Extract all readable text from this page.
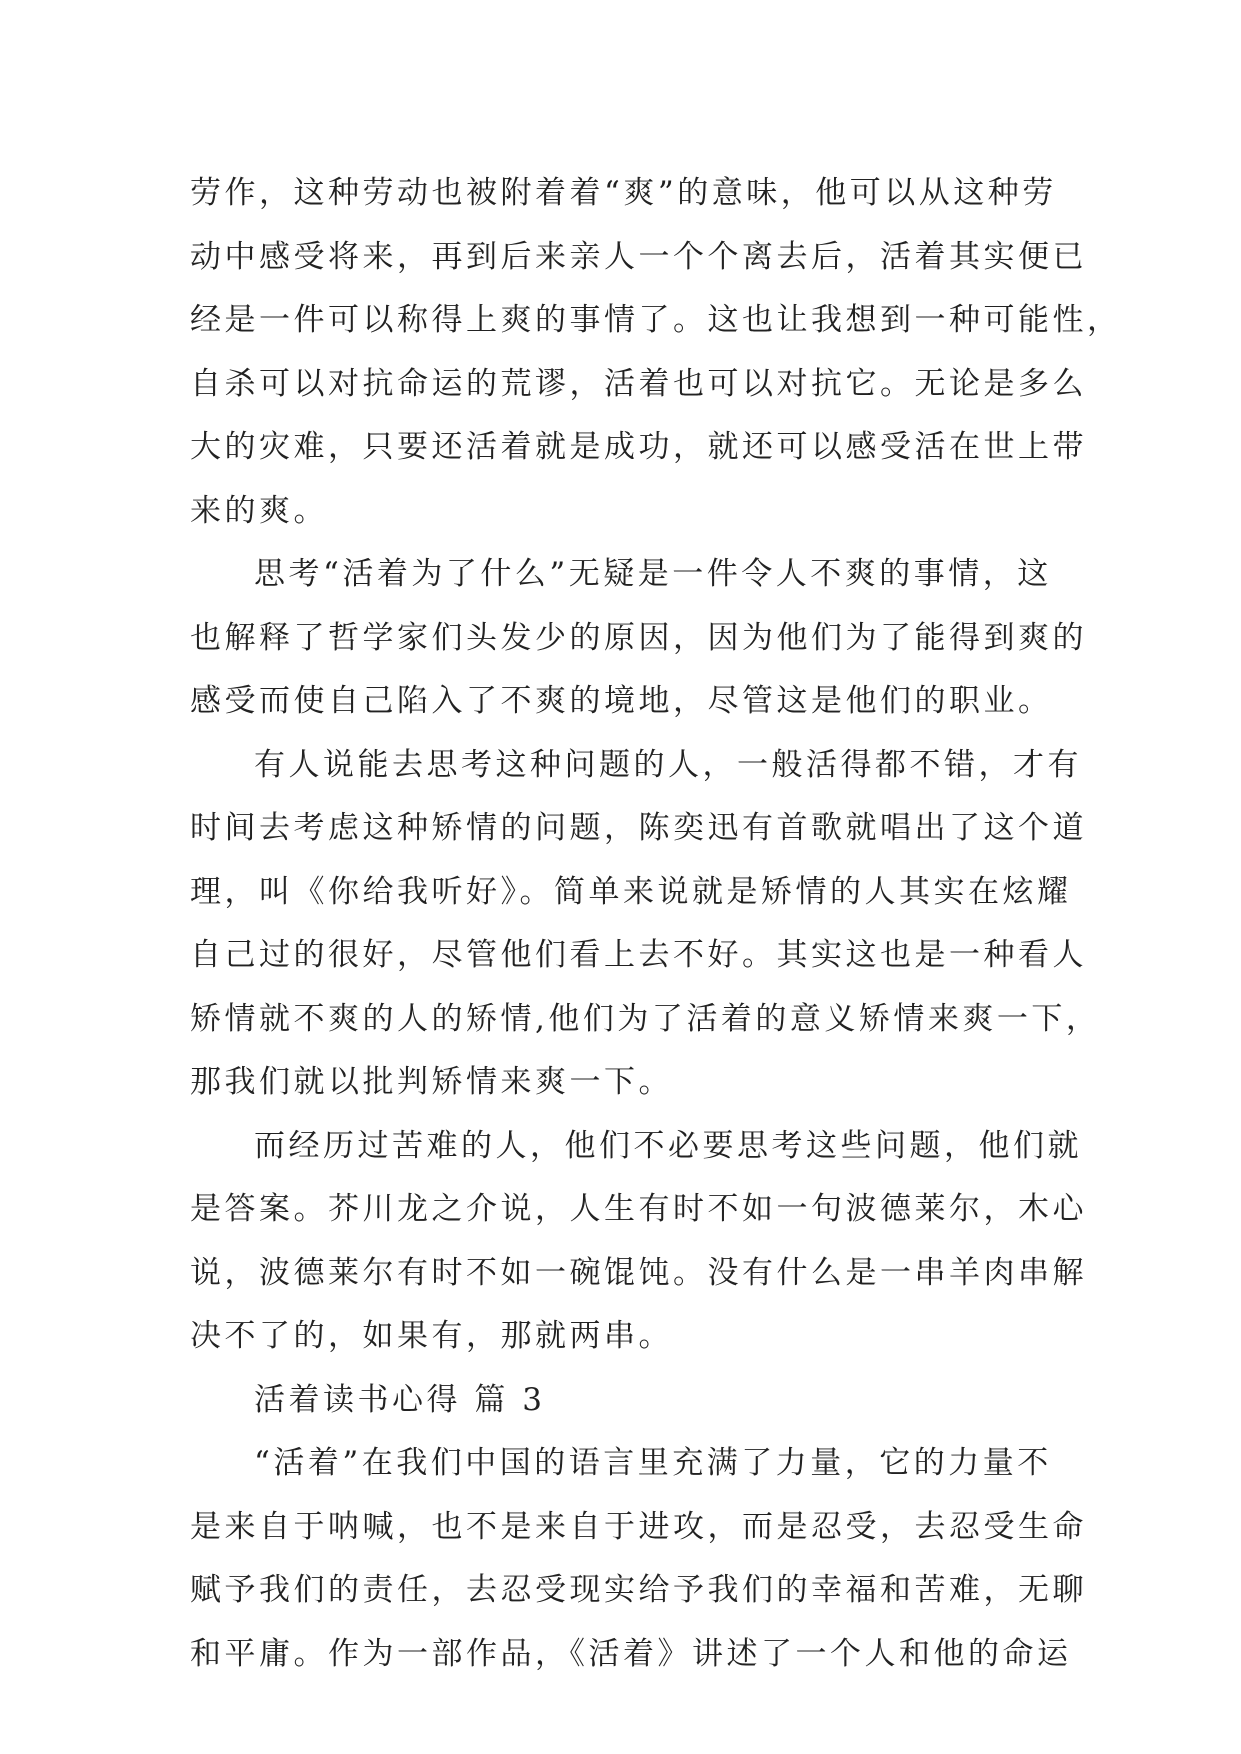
劳作，这种劳动也被附着着“爽”的意味，他可以从这种劳
动中感受将来，再到后来亲人一个个离去后，活着其实便已
经是一件可以称得上爽的事情了。这也让我想到一种可能性，
自杀可以对抗命运的荒谬，活着也可以对抗它。无论是多么
大的灾难，只要还活着就是成功，就还可以感受活在世上带
来的爽。
思考“活着为了什么”无疑是一件令人不爽的事情，这
也解释了哲学家们头发少的原因，因为他们为了能得到爽的
感受而使自己陷入了不爽的境地，尽管这是他们的职业。
有人说能去思考这种问题的人，一般活得都不错，才有
时间去考虑这种矫情的问题，陈奕迅有首歌就唱出了这个道
理，叫《你给我听好》。简单来说就是矫情的人其实在炫耀
自己过的很好，尽管他们看上去不好。其实这也是一种看人
矫情就不爽的人的矫情,他们为了活着的意义矫情来爽一下，
那我们就以批判矫情来爽一下。
而经历过苦难的人，他们不必要思考这些问题，他们就
是答案。芥川龙之介说，人生有时不如一句波德莱尔，木心
说，波德莱尔有时不如一碗馄饨。没有什么是一串羊肉串解
决不了的，如果有，那就两串。
活着读书心得 篇 3
“活着”在我们中国的语言里充满了力量，它的力量不
是来自于呐喊，也不是来自于进攻，而是忍受，去忍受生命
赋予我们的责任，去忍受现实给予我们的幸福和苦难，无聊
和平庸。作为一部作品，《活着》讲述了一个人和他的命运
